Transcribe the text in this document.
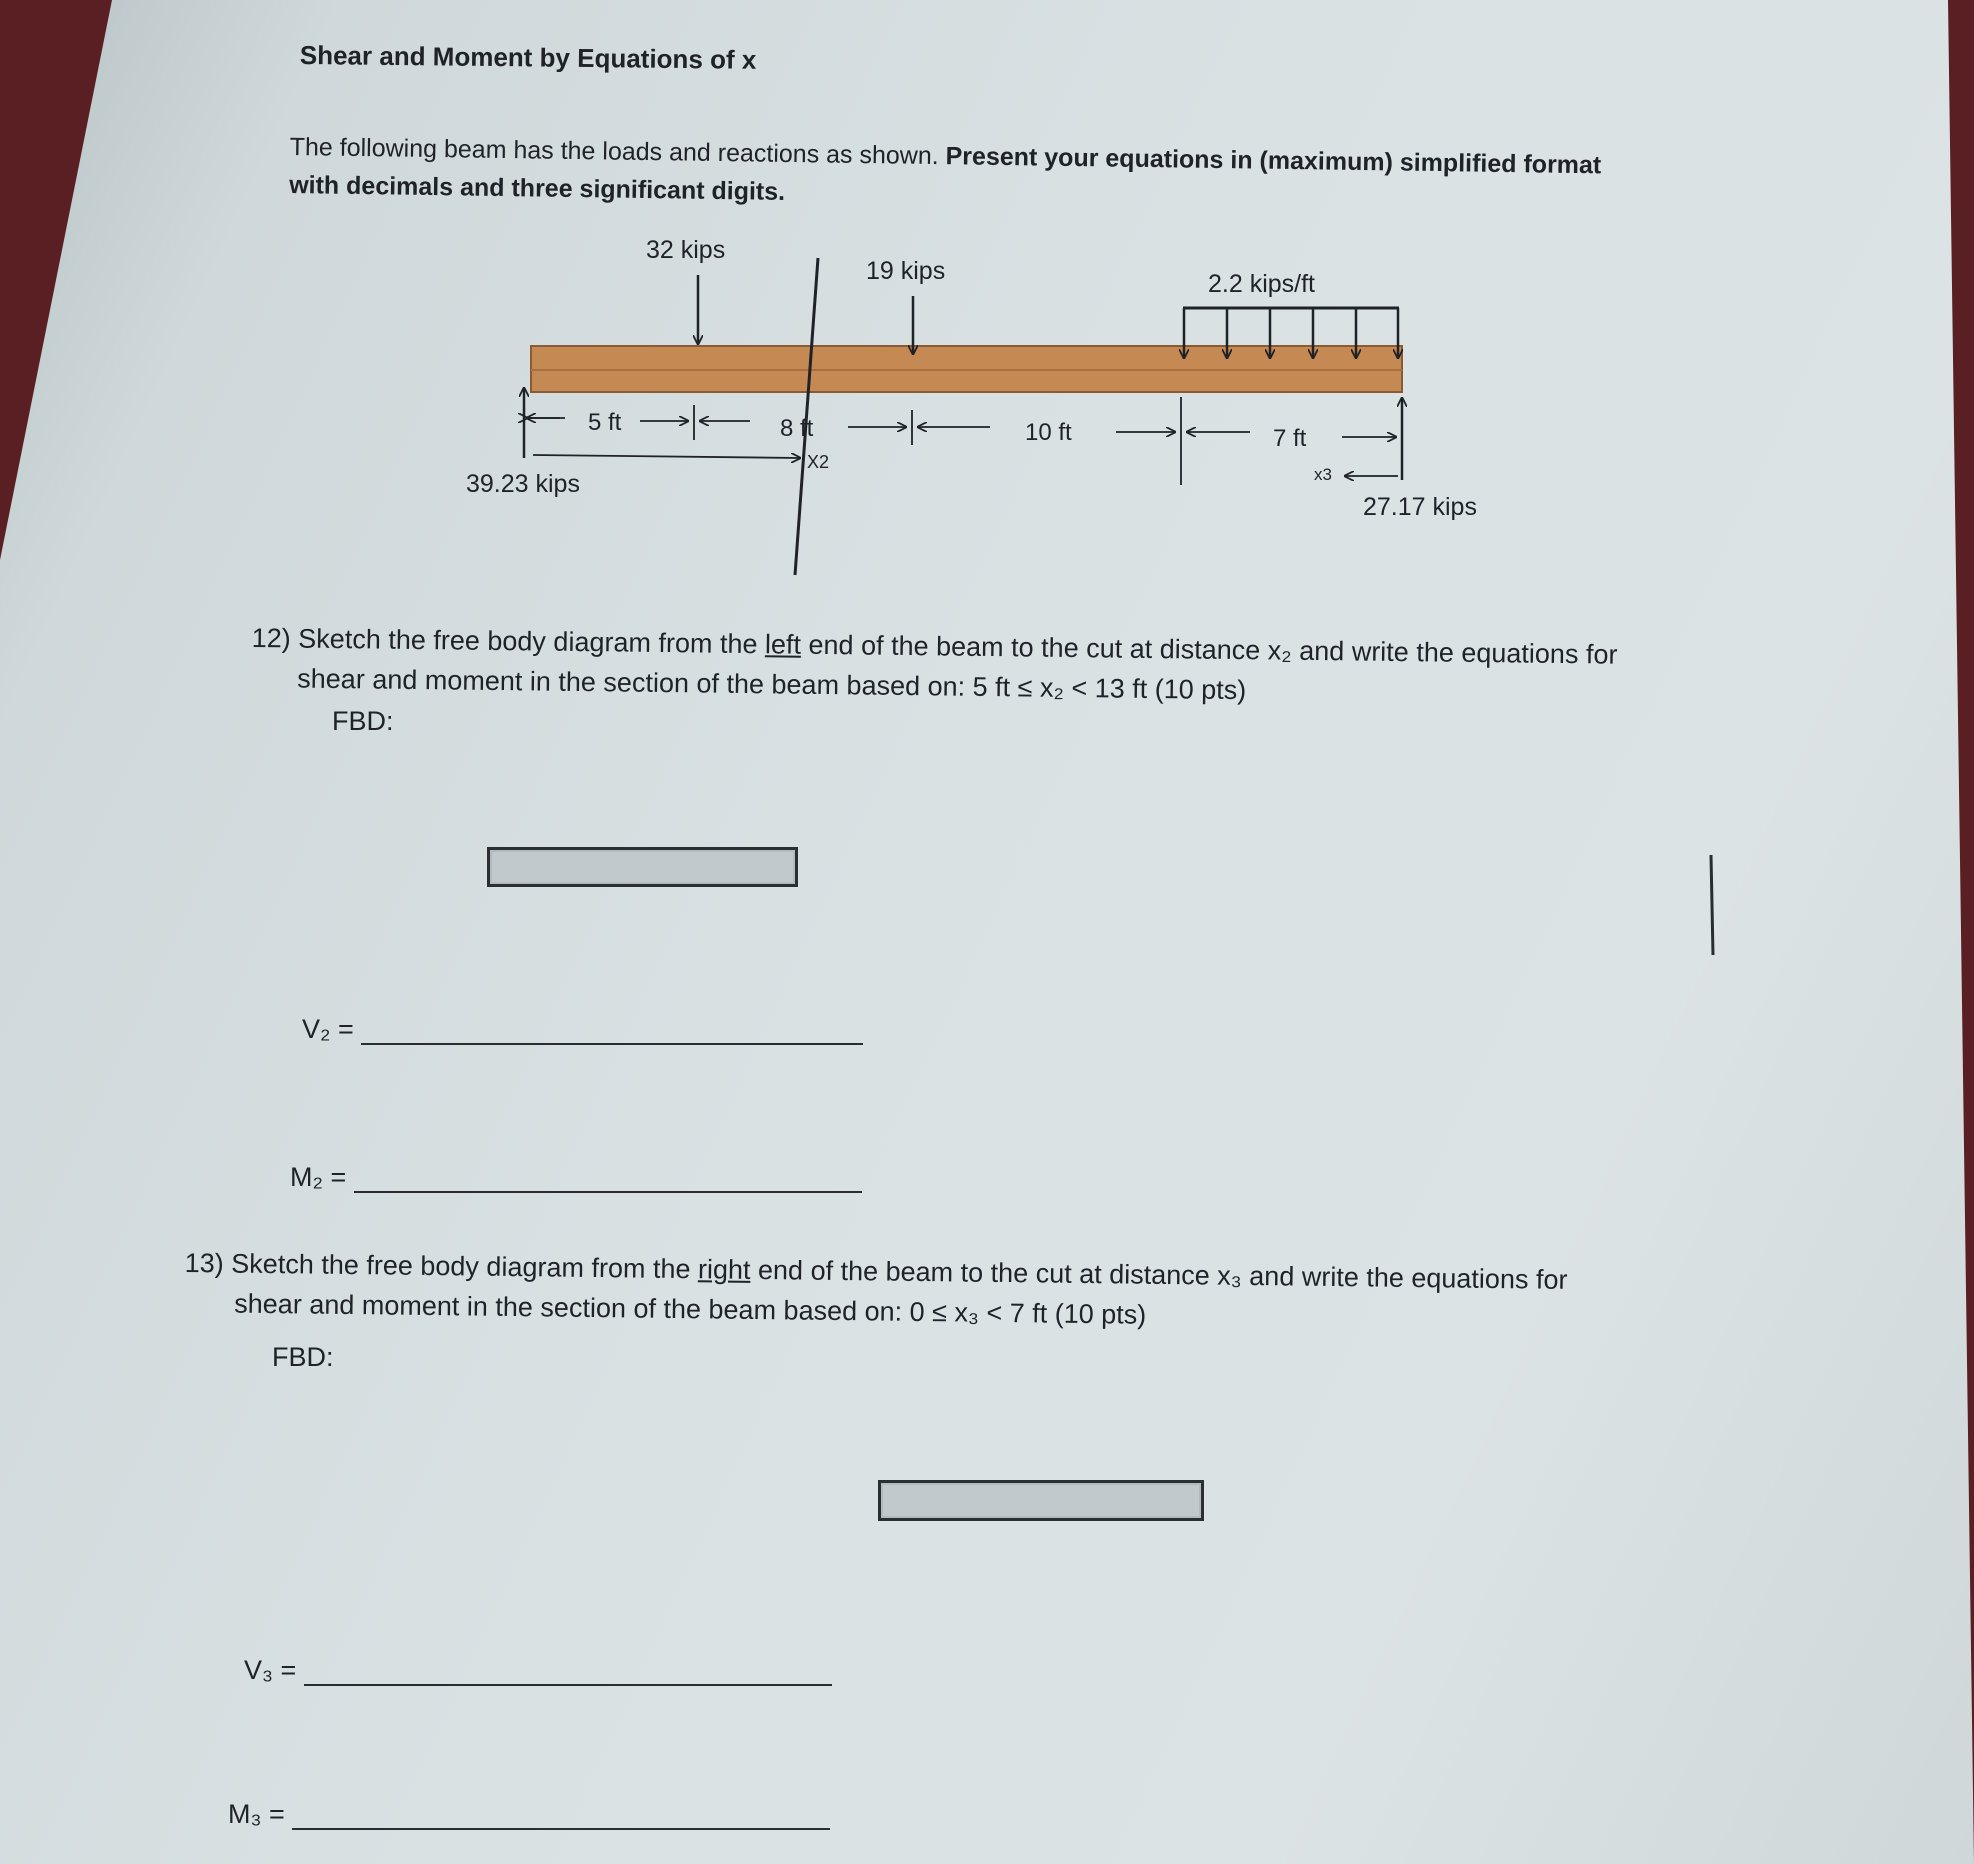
Shear and Moment by Equations of x
The following beam has the loads and reactions as shown. Present your equations in (maximum) simplified format
with decimals and three significant digits.
32 kips
19 kips	2.2 kips/ft
39.23 kips
27.17 kips
5 ft	8 ft	10 ft	7 ft
X2
x3
12) Sketch the free body diagram from the left end of the beam to the cut at distance x₂ and write the equations for
shear and moment in the section of the beam based on: 5 ft ≤ x₂ < 13 ft (10 pts)
FBD:
V₂ =
M₂ =
13) Sketch the free body diagram from the right end of the beam to the cut at distance x₃ and write the equations for
shear and moment in the section of the beam based on: 0 ≤ x₃ < 7 ft (10 pts)
FBD:
V₃ =
M₃ =
